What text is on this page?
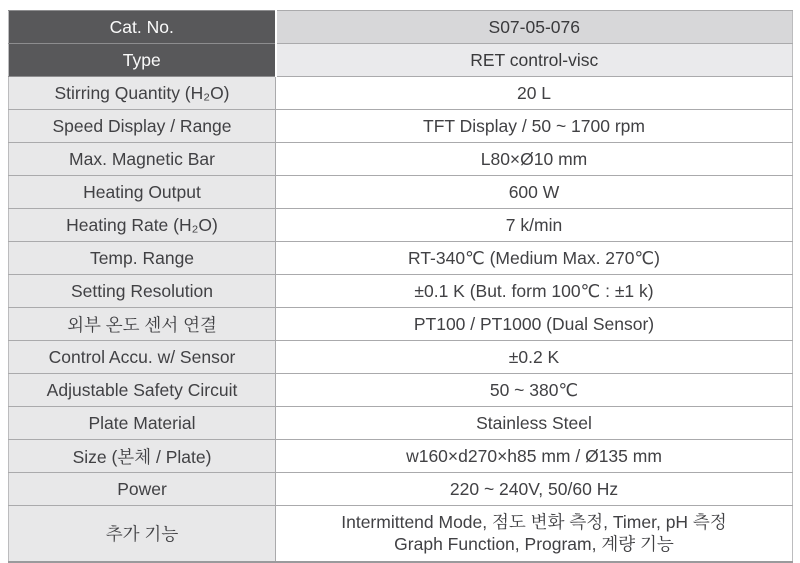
Cat. No.	S07-05-076
Type	RET control-visc
Stirring Quantity (H₂O)	20 L
Speed Display / Range	TFT Display / 50 ~ 1700 rpm
Max. Magnetic Bar	L80×Ø10 mm
Heating Output	600 W
Heating Rate (H₂O)	7 k/min
Temp. Range	RT-340℃ (Medium Max. 270℃)
Setting Resolution	±0.1 K (But. form 100℃ : ±1 k)
외부 온도 센서 연결	PT100 / PT1000 (Dual Sensor)
Control Accu. w/ Sensor	±0.2 K
Adjustable Safety Circuit	50 ~ 380℃
Plate Material	Stainless Steel
Size (본체 / Plate)	w160×d270×h85 mm / Ø135 mm
Power	220 ~ 240V, 50/60 Hz
추가 기능	Intermittend Mode, 점도 변화 측정, Timer, pH 측정
Graph Function, Program, 계량 기능
